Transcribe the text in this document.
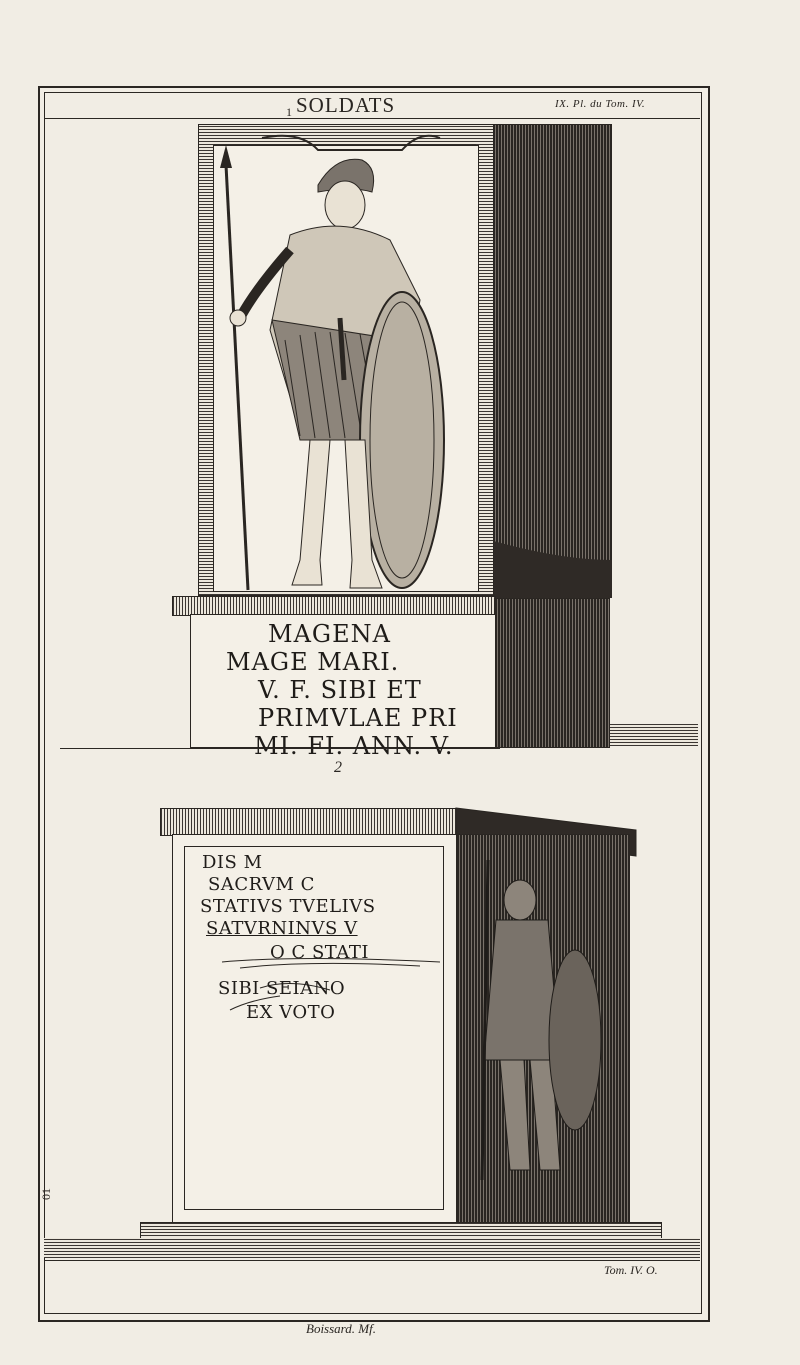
1 SOLDATS	IX. Pl. du Tom. IV.
MAGENA
MAGE MARI.
V. F. SIBI ET
PRIMVLAE PRI
MI. FI. ANN. V.
2
DIS M
SACRVM C
STATIVS TVELIVS
SATVRNINVS V
O C STATI
SIBI SEIANO
EX VOTO
Tom. IV. O.
Boissard. Mf.
01
